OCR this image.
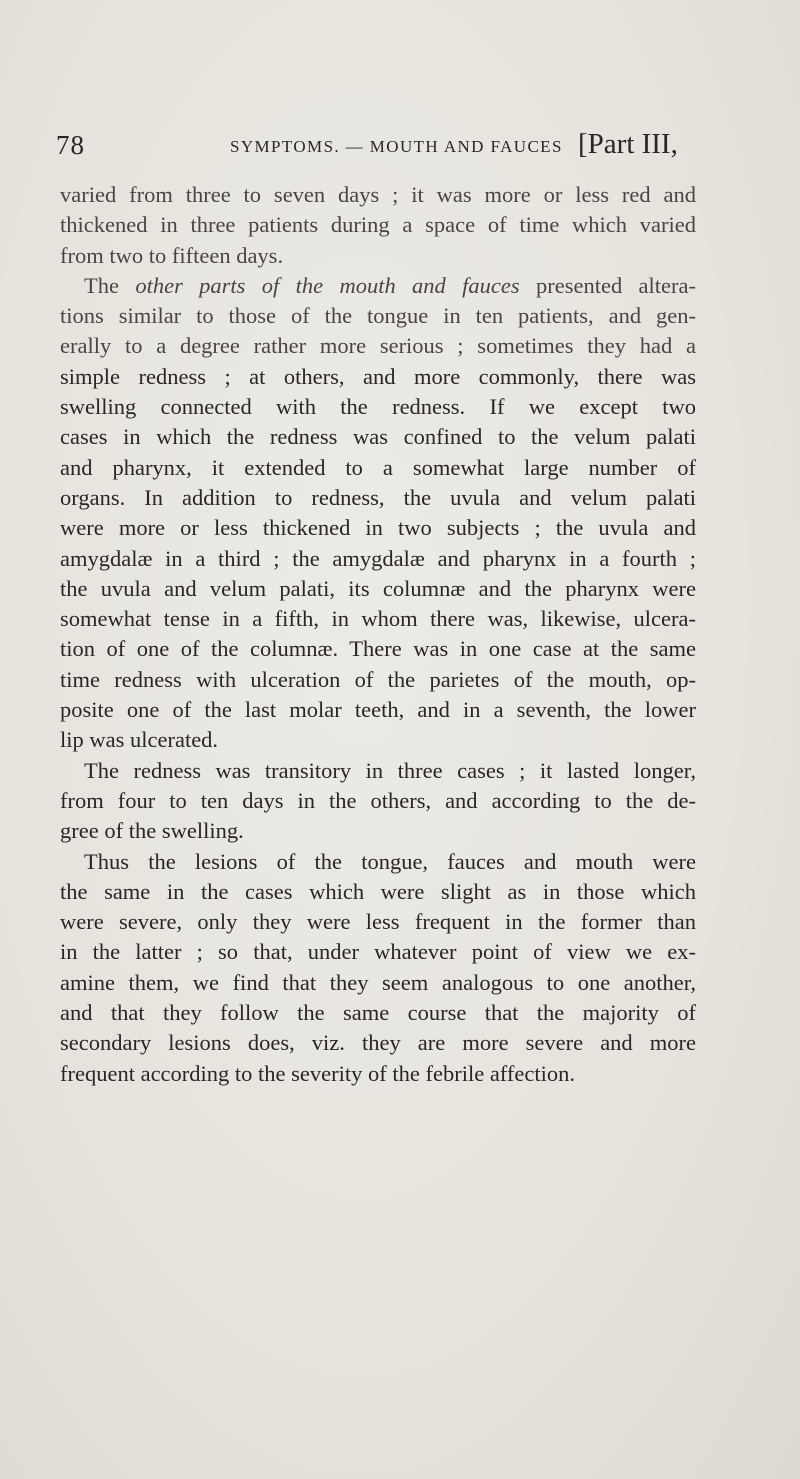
78	SYMPTOMS. — MOUTH AND FAUCES [Part III,
varied from three to seven days ; it was more or less red and
thickened in three patients during a space of time which varied
from two to fifteen days.
The other parts of the mouth and fauces presented altera-
tions similar to those of the tongue in ten patients, and gen-
erally to a degree rather more serious ; sometimes they had a
simple redness ; at others, and more commonly, there was
swelling connected with the redness. If we except two
cases in which the redness was confined to the velum palati
and pharynx, it extended to a somewhat large number of
organs. In addition to redness, the uvula and velum palati
were more or less thickened in two subjects ; the uvula and
amygdalæ in a third ; the amygdalæ and pharynx in a fourth ;
the uvula and velum palati, its columnæ and the pharynx were
somewhat tense in a fifth, in whom there was, likewise, ulcera-
tion of one of the columnæ. There was in one case at the same
time redness with ulceration of the parietes of the mouth, op-
posite one of the last molar teeth, and in a seventh, the lower
lip was ulcerated.
The redness was transitory in three cases ; it lasted longer,
from four to ten days in the others, and according to the de-
gree of the swelling.
Thus the lesions of the tongue, fauces and mouth were
the same in the cases which were slight as in those which
were severe, only they were less frequent in the former than
in the latter ; so that, under whatever point of view we ex-
amine them, we find that they seem analogous to one another,
and that they follow the same course that the majority of
secondary lesions does, viz. they are more severe and more
frequent according to the severity of the febrile affection.
